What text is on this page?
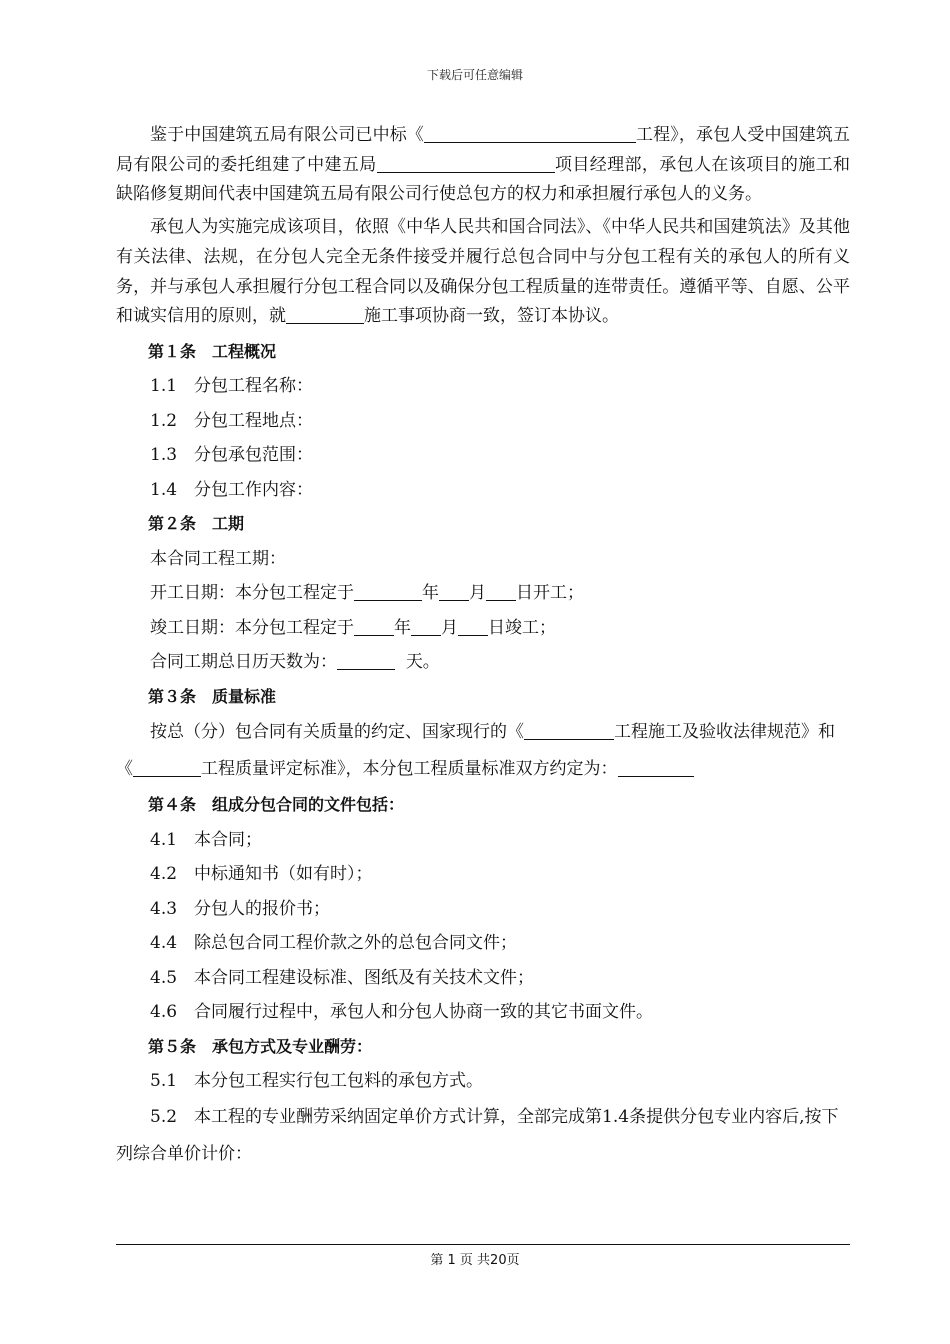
下载后可任意编辑

鉴于中国建筑五局有限公司已中标《	工程》，承包人受中国建筑五局有限公司的委托组建了中建五局	项目经理部，承包人在该项目的施工和缺陷修复期间代表中国建筑五局有限公司行使总包方的权力和承担履行承包人的义务。

承包人为实施完成该项目，依照《中华人民共和国合同法》、《中华人民共和国建筑法》及其他有关法律、法规，在分包人完全无条件接受并履行总包合同中与分包工程有关的承包人的所有义务，并与承包人承担履行分包工程合同以及确保分包工程质量的连带责任。遵循平等、自愿、公平和诚实信用的原则，就	施工事项协商一致，签订本协议。

第１条　工程概况

1.1　分包工程名称：

1.2　分包工程地点：

1.3　分包承包范围：

1.4　分包工作内容：

第２条　工期

本合同工程工期：

开工日期：本分包工程定于	年 月 日开工；

竣工日期：本分包工程定于 年 月 日竣工；

合同工期总日历天数为：	天。

第３条　质量标准

按总（分）包合同有关质量的约定、国家现行的《	工程施工及验收法律规范》和《	工程质量评定标准》，本分包工程质量标准双方约定为：

第４条　组成分包合同的文件包括：

4.1　本合同；

4.2　中标通知书（如有时）；

4.3　分包人的报价书；

4.4　除总包合同工程价款之外的总包合同文件；

4.5　本合同工程建设标准、图纸及有关技术文件；

4.6　合同履行过程中，承包人和分包人协商一致的其它书面文件。

第５条　承包方式及专业酬劳：

5.1　本分包工程实行包工包料的承包方式。

5.2　本工程的专业酬劳采纳固定单价方式计算，全部完成第1.4条提供分包专业内容后,按下列综合单价计价：

第 1 页 共20页
